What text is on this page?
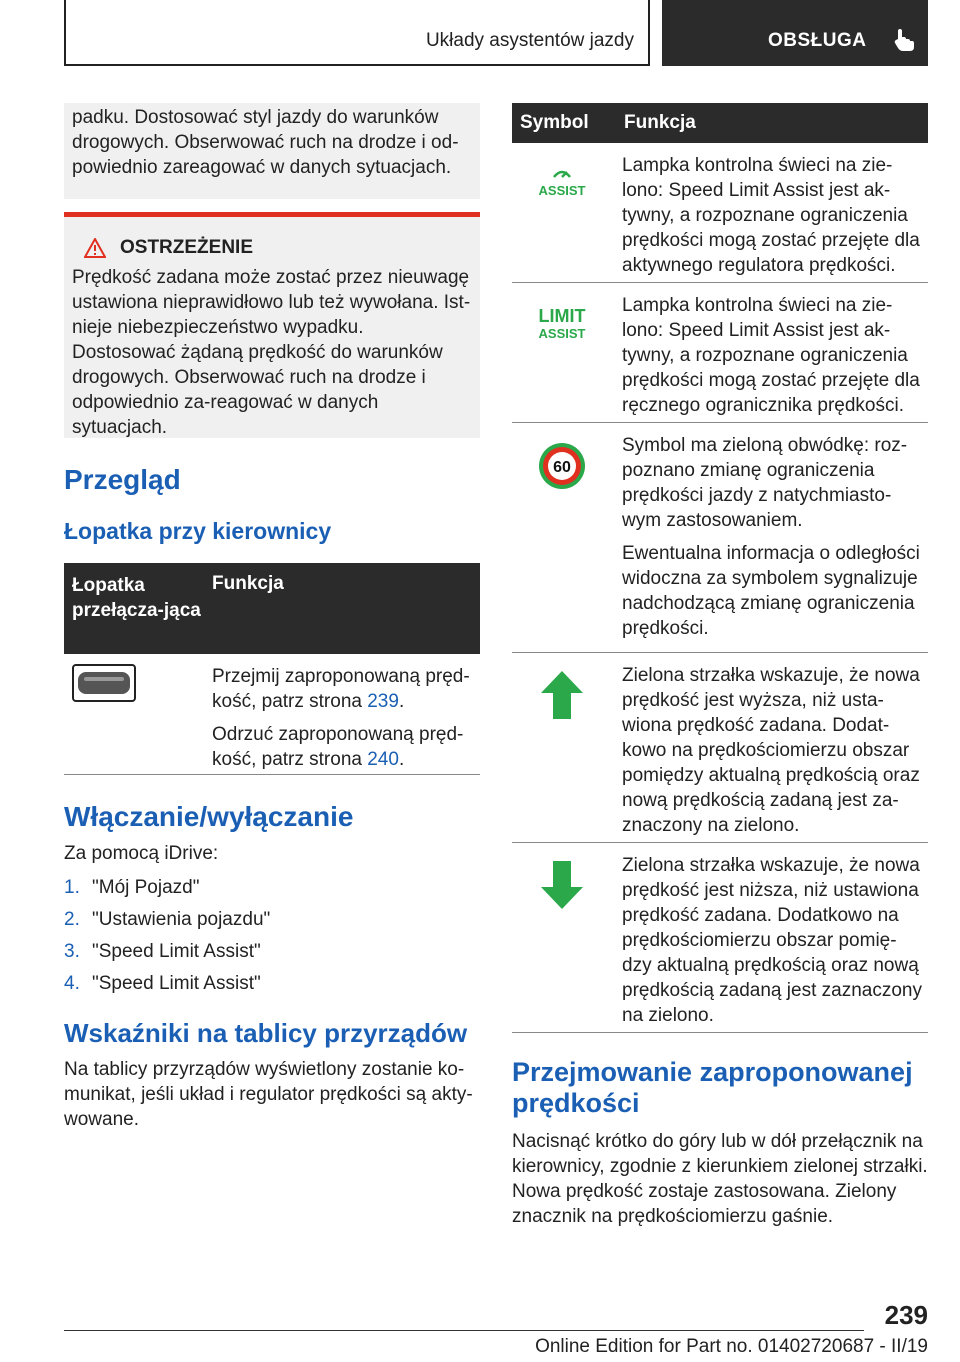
Układy asystentów jazdy	OBSŁUGA

padku. Dostosować styl jazdy do warunków drogowych. Obserwować ruch na drodze i od-powiednio zareagować w danych sytuacjach.

OSTRZEŻENIE

Prędkość zadana może zostać przez nieuwagę ustawiona nieprawidłowo lub też wywołana. Ist-nieje niebezpieczeństwo wypadku. Dostosować żądaną prędkość do warunków drogowych. Obserwować ruch na drodze i odpowiednio za-reagować w danych sytuacjach.

Przegląd
Łopatka przy kierownicy
Łopatka przełącza-jąca
Funkcja

Przejmij zaproponowaną pręd-kość, patrz strona 239.

Odrzuć zaproponowaną pręd-kość, patrz strona 240.

Włączanie/wyłączanie

Za pomocą iDrive:

1. "Mój Pojazd"
2. "Ustawienia pojazdu"
3. "Speed Limit Assist"
4. "Speed Limit Assist"
Wskaźniki na tablicy przyrządów

Na tablicy przyrządów wyświetlony zostanie ko-munikat, jeśli układ i regulator prędkości są akty-wowane.

Symbol	Funkcja
ASSIST

Lampka kontrolna świeci na zie-lono: Speed Limit Assist jest ak-tywny, a rozpoznane ograniczenia prędkości mogą zostać przejęte dla aktywnego regulatora prędkości.

LIMIT
ASSIST

Lampka kontrolna świeci na zie-lono: Speed Limit Assist jest ak-tywny, a rozpoznane ograniczenia prędkości mogą zostać przejęte dla ręcznego ogranicznika prędkości.

60

Symbol ma zieloną obwódkę: roz-poznano zmianę ograniczenia prędkości jazdy z natychmiasto-wym zastosowaniem.

Ewentualna informacja o odległości widoczna za symbolem sygnalizuje nadchodzącą zmianę ograniczenia prędkości.

Zielona strzałka wskazuje, że nowa prędkość jest wyższa, niż usta-wiona prędkość zadana. Dodat-kowo na prędkościomierzu obszar pomiędzy aktualną prędkością oraz nową prędkością zadaną jest za-znaczony na zielono.

Zielona strzałka wskazuje, że nowa prędkość jest niższa, niż ustawiona prędkość zadana. Dodatkowo na prędkościomierzu obszar pomię-dzy aktualną prędkością oraz nową prędkością zadaną jest zaznaczony na zielono.

Przejmowanie zaproponowanej prędkości

Nacisnąć krótko do góry lub w dół przełącznik na kierownicy, zgodnie z kierunkiem zielonej strzałki. Nowa prędkość zostaje zastosowana. Zielony znacznik na prędkościomierzu gaśnie.

239
Online Edition for Part no. 01402720687 - II/19
